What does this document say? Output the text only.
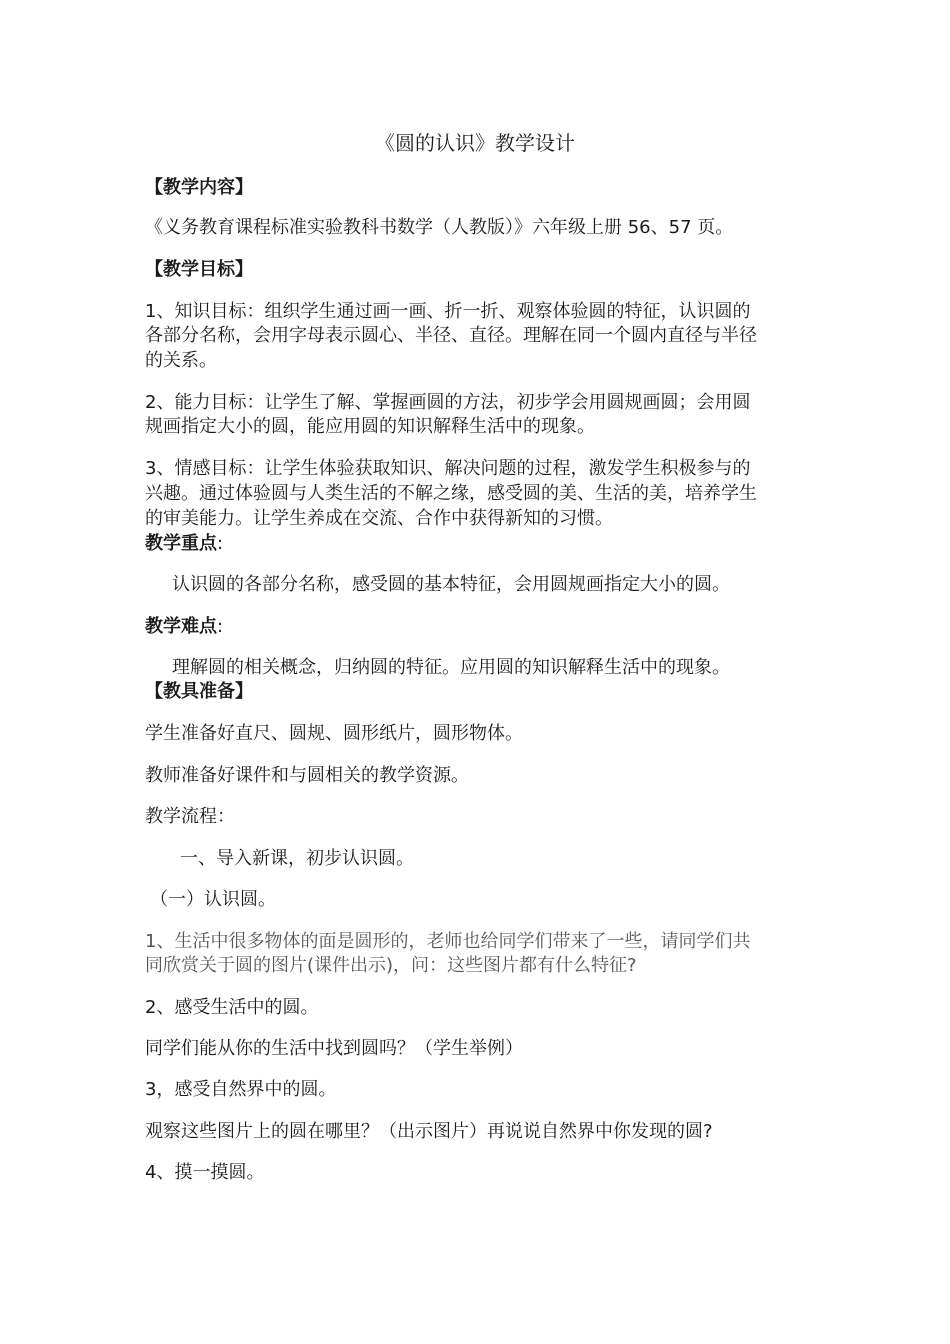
《圆的认识》教学设计
【教学内容】
《义务教育课程标准实验教科书数学（人教版）》六年级上册 56、57 页。
【教学目标】
1、知识目标：组织学生通过画一画、折一折、观察体验圆的特征，认识圆的
各部分名称，会用字母表示圆心、半径、直径。理解在同一个圆内直径与半径
的关系。
2、能力目标：让学生了解、掌握画圆的方法，初步学会用圆规画圆；会用圆
规画指定大小的圆，能应用圆的知识解释生活中的现象。
3、情感目标：让学生体验获取知识、解决问题的过程，激发学生积极参与的
兴趣。通过体验圆与人类生活的不解之缘，感受圆的美、生活的美，培养学生
的审美能力。让学生养成在交流、合作中获得新知的习惯。
教学重点:
认识圆的各部分名称，感受圆的基本特征，会用圆规画指定大小的圆。
教学难点:
理解圆的相关概念，归纳圆的特征。应用圆的知识解释生活中的现象。
【教具准备】
学生准备好直尺、圆规、圆形纸片，圆形物体。
教师准备好课件和与圆相关的教学资源。
教学流程：
一、导入新课，初步认识圆。
（一）认识圆。
1、生活中很多物体的面是圆形的，老师也给同学们带来了一些，请同学们共
同欣赏关于圆的图片(课件出示)，问：这些图片都有什么特征?
2、感受生活中的圆。
同学们能从你的生活中找到圆吗？（学生举例）
3，感受自然界中的圆。
观察这些图片上的圆在哪里？（出示图片）再说说自然界中你发现的圆?
4、摸一摸圆。
